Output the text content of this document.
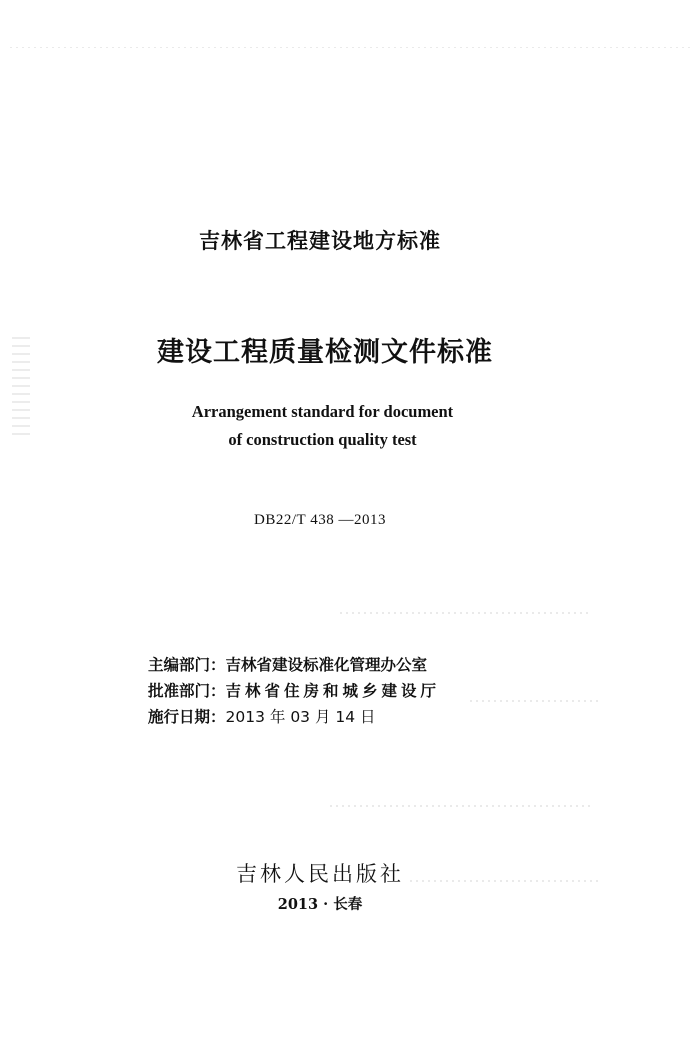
吉林省工程建设地方标准
建设工程质量检测文件标准
Arrangement standard for document
of construction quality test
DB22/T 438 —2013
主编部门：吉林省建设标准化管理办公室
批准部门：吉林省住房和城乡建设厅
施行日期：2013 年 03 月 14 日
吉林人民出版社
2013 · 长春
